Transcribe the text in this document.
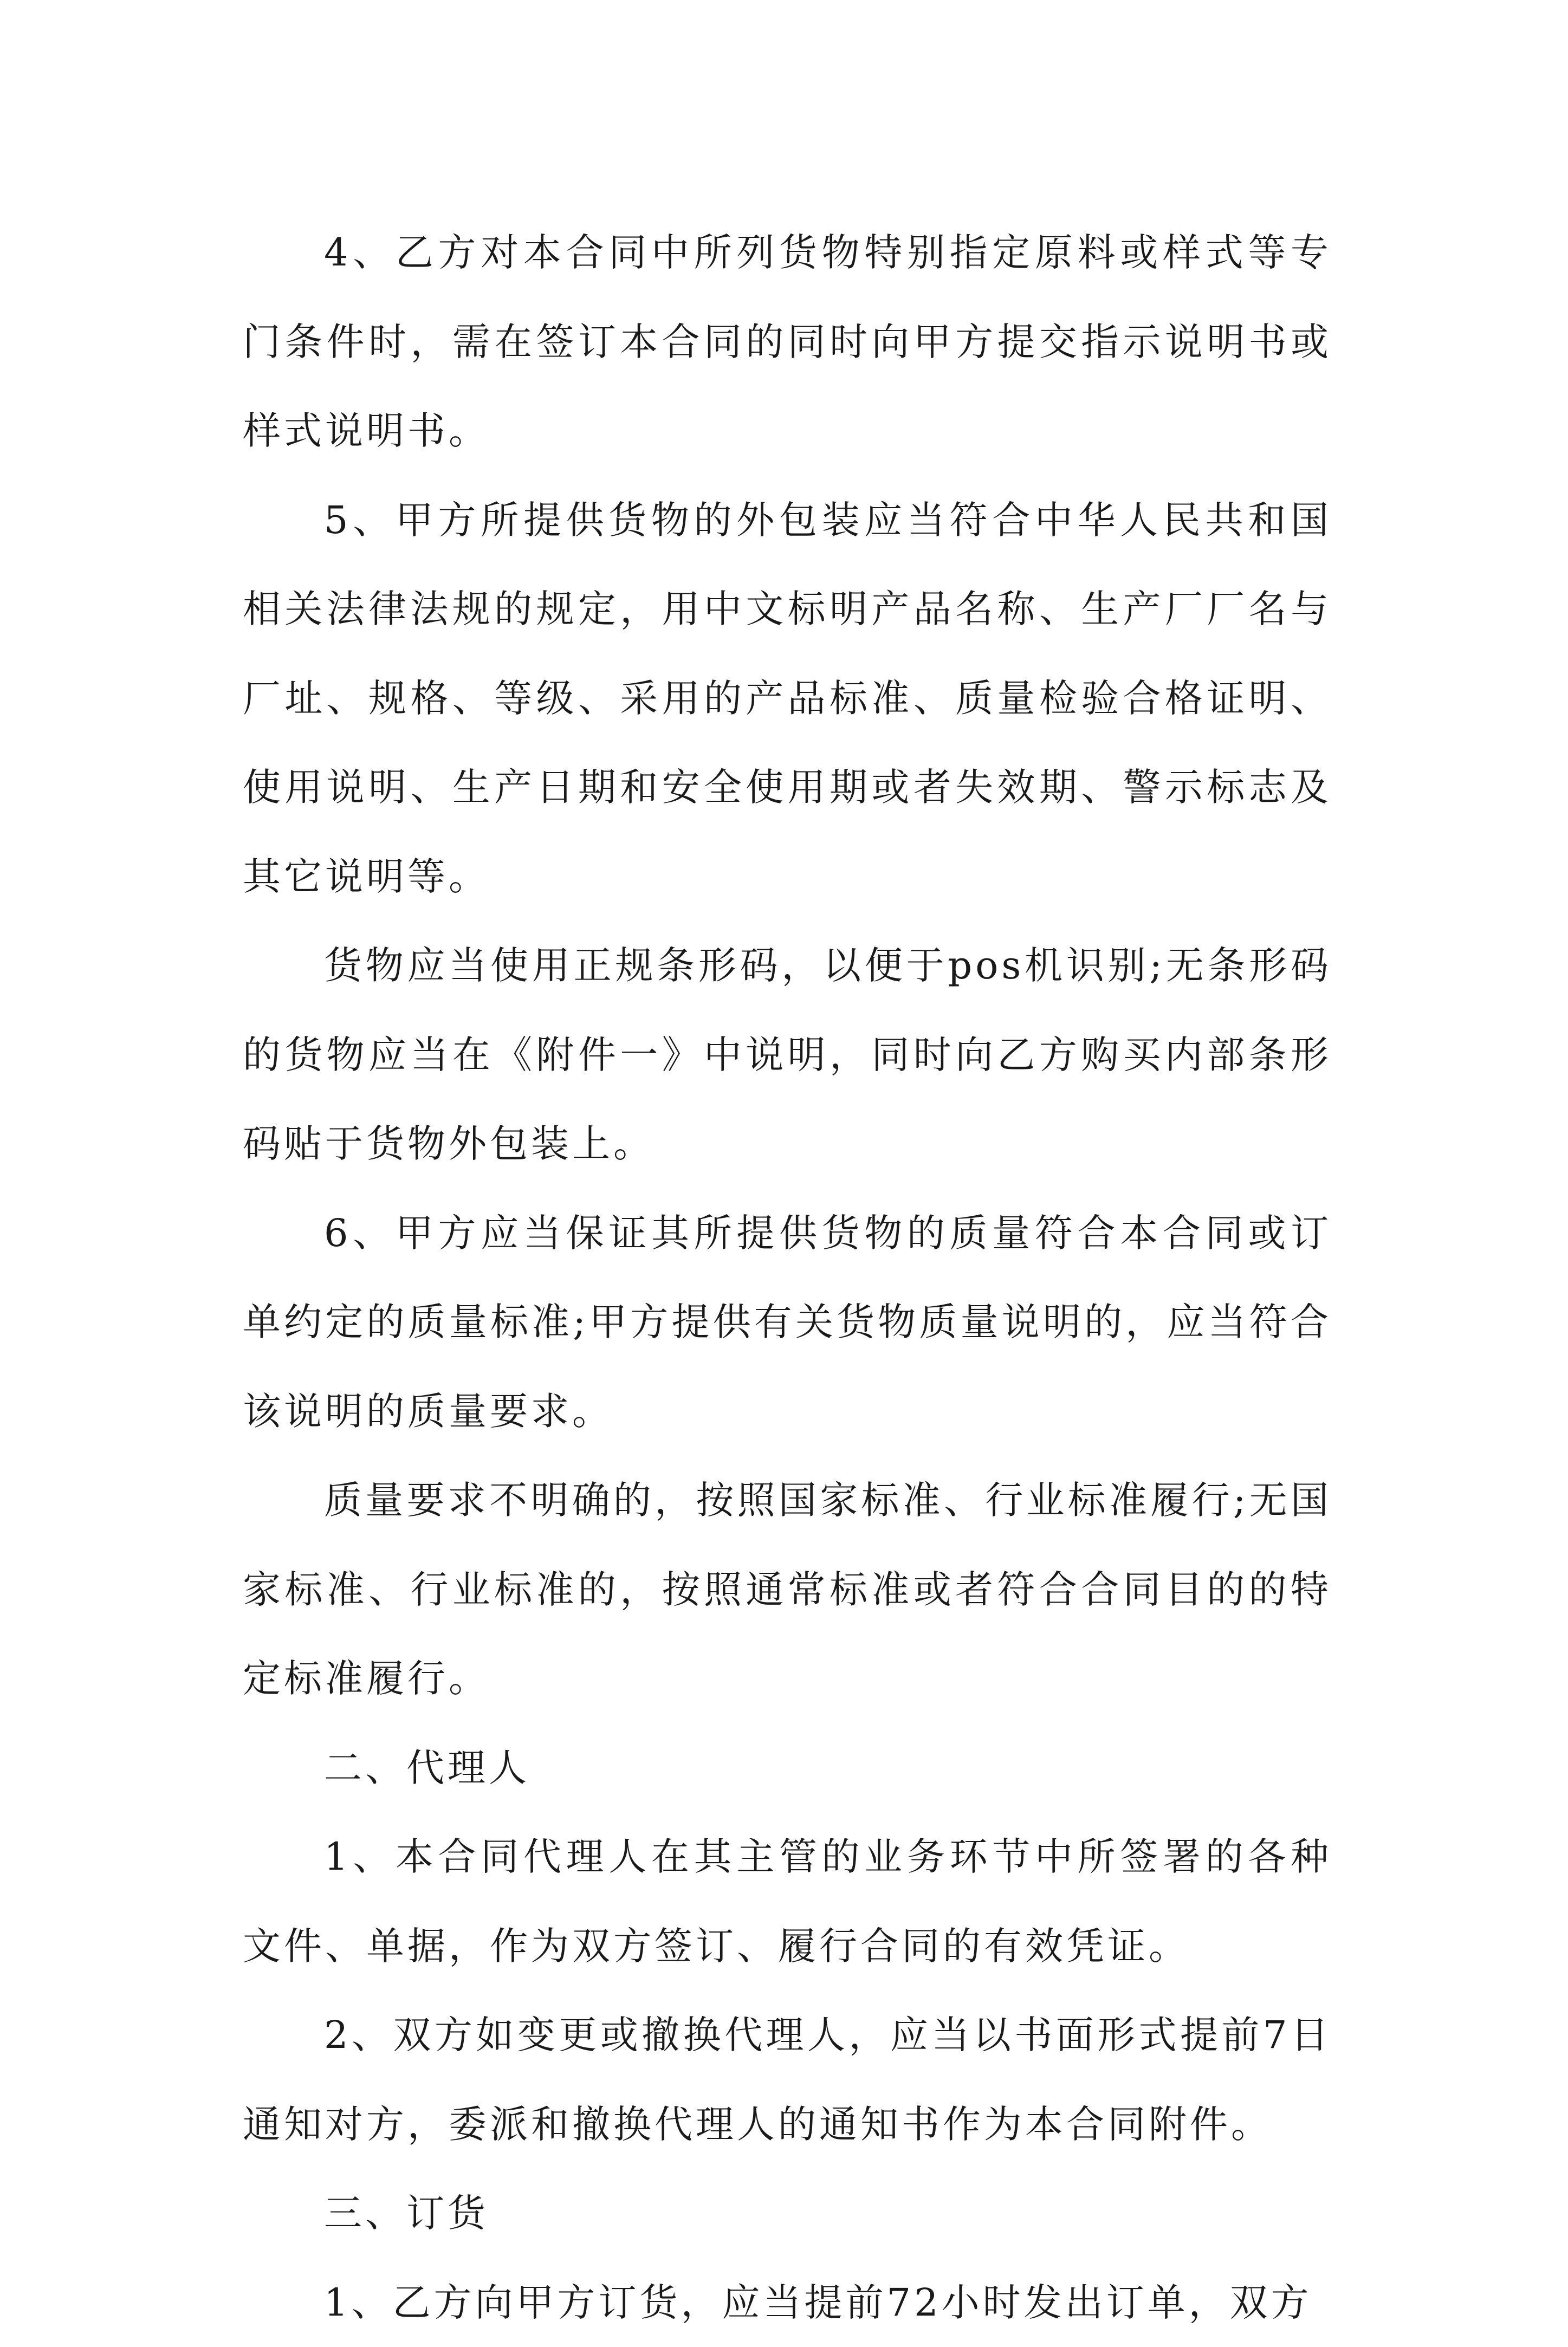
4、乙方对本合同中所列货物特别指定原料或样式等专门条件时，需在签订本合同的同时向甲方提交指示说明书或样式说明书。

5、甲方所提供货物的外包装应当符合中华人民共和国相关法律法规的规定，用中文标明产品名称、生产厂厂名与厂址、规格、等级、采用的产品标准、质量检验合格证明、使用说明、生产日期和安全使用期或者失效期、警示标志及其它说明等。

货物应当使用正规条形码，以便于pos机识别;无条形码的货物应当在《附件一》中说明，同时向乙方购买内部条形码贴于货物外包装上。

6、甲方应当保证其所提供货物的质量符合本合同或订单约定的质量标准;甲方提供有关货物质量说明的，应当符合该说明的质量要求。

质量要求不明确的，按照国家标准、行业标准履行;无国家标准、行业标准的，按照通常标准或者符合合同目的的特定标准履行。

二、代理人

1、本合同代理人在其主管的业务环节中所签署的各种文件、单据，作为双方签订、履行合同的有效凭证。

2、双方如变更或撤换代理人，应当以书面形式提前7日通知对方，委派和撤换代理人的通知书作为本合同附件。

三、订货

1、乙方向甲方订货，应当提前72小时发出订单，双方
